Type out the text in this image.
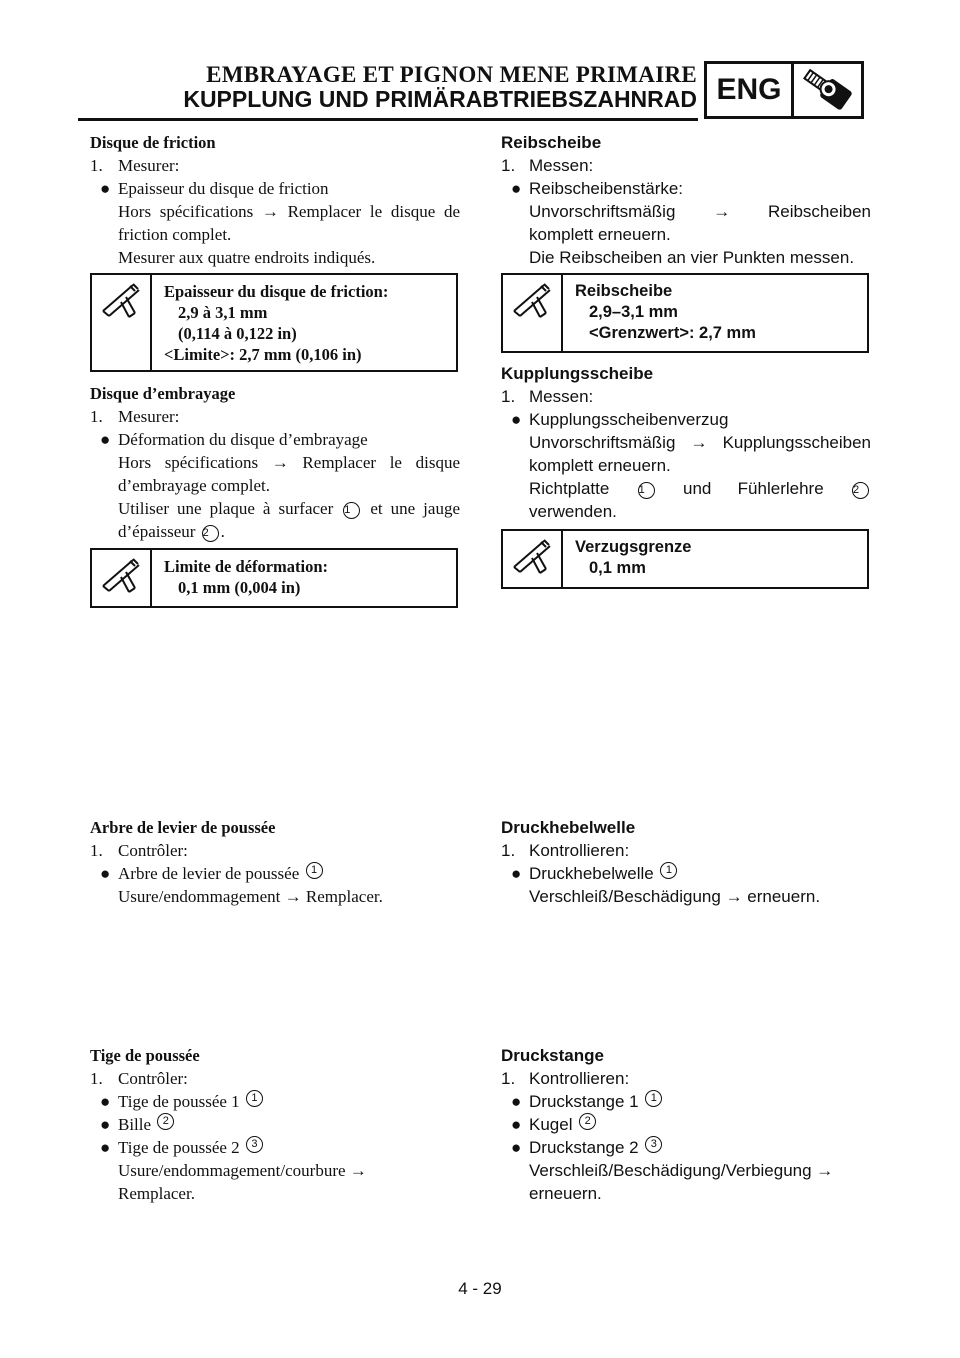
EMBRAYAGE ET PIGNON MENE PRIMAIRE
KUPPLUNG UND PRIMÄRABTRIEBSZAHNRAD ENG
Disque de friction
1. Mesurer:
● Epaisseur du disque de friction
Hors spécifications → Remplacer le disque de friction complet.
Mesurer aux quatre endroits indiqués.
Epaisseur du disque de friction:
2,9 à 3,1 mm
(0,114 à 0,122 in)
<Limite>: 2,7 mm (0,106 in)
Disque d’embrayage
1. Mesurer:
● Déformation du disque d’embrayage
Hors spécifications → Remplacer le disque d’embrayage complet.
Utiliser une plaque à surfacer 1 et une jauge d’épaisseur 2 .
Limite de déformation:
0,1 mm (0,004 in)
Arbre de levier de poussée
1. Contrôler:
● Arbre de levier de poussée
	1
Usure/endommagement → Remplacer.
Tige de poussée
1. Contrôler:
● Tige de poussée 1
	1
● Bille
	2
● Tige de poussée 2
	3
Usure/endommagement/courbure → Remplacer.
Reibscheibe
1. Messen:
● Reibscheibenstärke:
Unvorschriftsmäßig → Reibscheiben komplett erneuern.
Die Reibscheiben an vier Punkten messen.
Reibscheibe
2,9–3,1 mm
<Grenzwert>: 2,7 mm
Kupplungsscheibe
1. Messen:
● Kupplungsscheibenverzug
Unvorschriftsmäßig → Kupplungsscheiben komplett erneuern.
Richtplatte	1 und Fühlerlehre	2 verwenden.
Verzugsgrenze
0,1 mm
Druckhebelwelle
1. Kontrollieren:
● Druckhebelwelle
	1
Verschleiß/Beschädigung → erneuern.
Druckstange
1. Kontrollieren:
● Druckstange 1
	1
● Kugel
	2
● Druckstange 2
	3
Verschleiß/Beschädigung/Verbiegung → erneuern.
4 - 29
